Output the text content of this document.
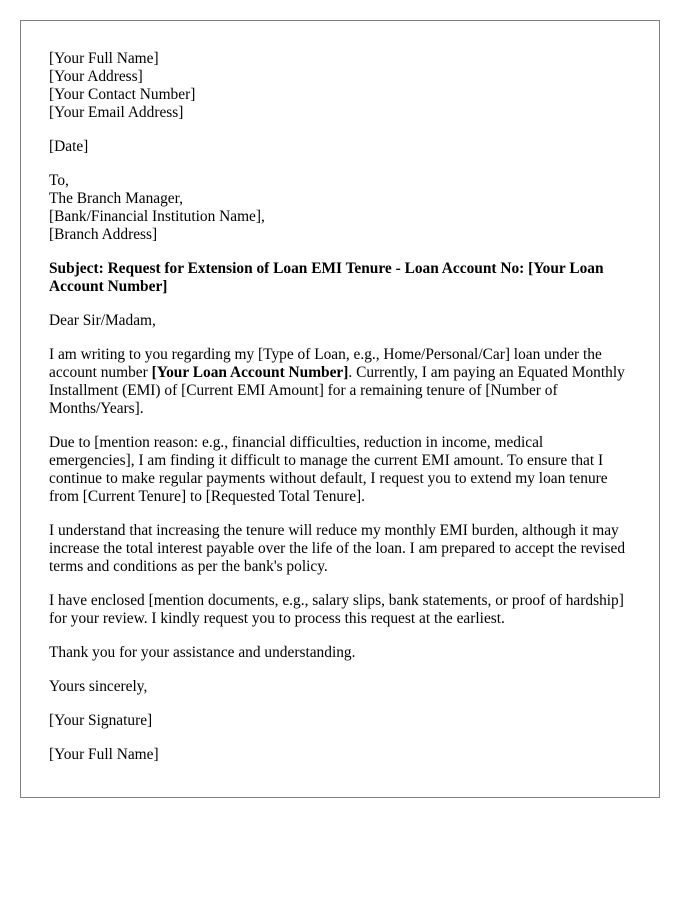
[Your Full Name]
[Your Address]
[Your Contact Number]
[Your Email Address]
[Date]
To,
The Branch Manager,
[Bank/Financial Institution Name],
[Branch Address]
Subject: Request for Extension of Loan EMI Tenure - Loan Account No: [Your Loan Account Number]
Dear Sir/Madam,
I am writing to you regarding my [Type of Loan, e.g., Home/Personal/Car] loan under the account number [Your Loan Account Number]. Currently, I am paying an Equated Monthly Installment (EMI) of [Current EMI Amount] for a remaining tenure of [Number of Months/Years].
Due to [mention reason: e.g., financial difficulties, reduction in income, medical emergencies], I am finding it difficult to manage the current EMI amount. To ensure that I continue to make regular payments without default, I request you to extend my loan tenure from [Current Tenure] to [Requested Total Tenure].
I understand that increasing the tenure will reduce my monthly EMI burden, although it may increase the total interest payable over the life of the loan. I am prepared to accept the revised terms and conditions as per the bank's policy.
I have enclosed [mention documents, e.g., salary slips, bank statements, or proof of hardship] for your review. I kindly request you to process this request at the earliest.
Thank you for your assistance and understanding.
Yours sincerely,
[Your Signature]
[Your Full Name]
